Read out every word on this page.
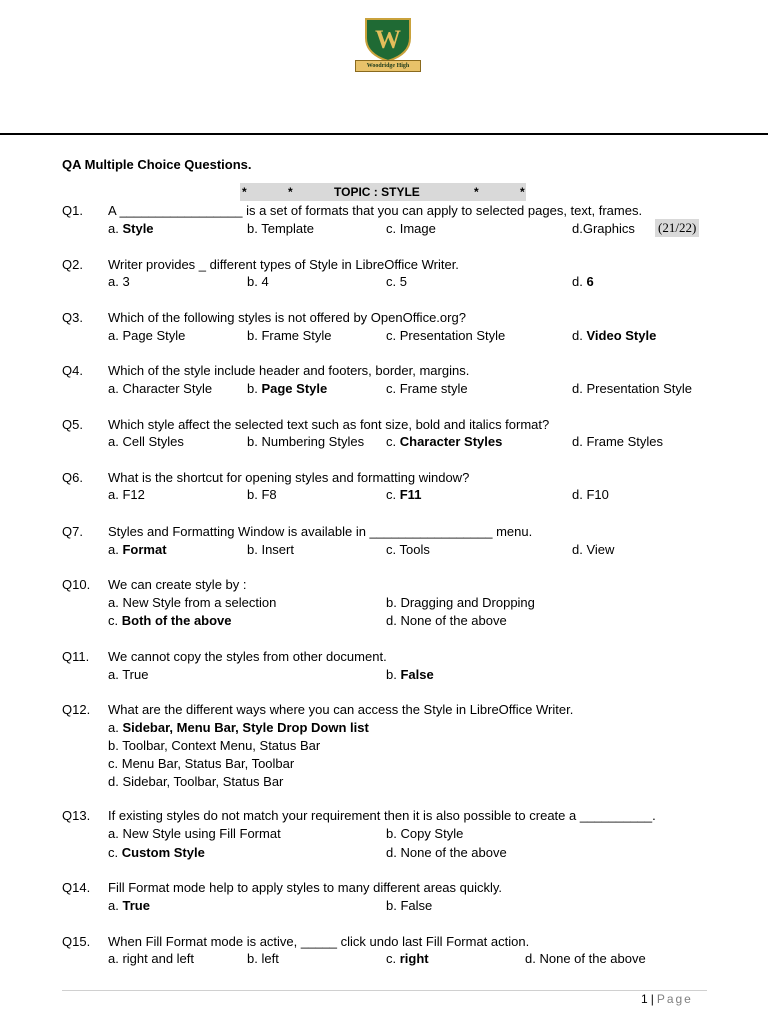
W
Woodridge High
QA Multiple Choice Questions.
*	*	TOPIC : STYLE	*	*
(21/22)
Q1. A _________________ is a set of formats that you can apply to selected pages, text, frames.
a. Style	b. Template	c. Image	d.Graphics
Q2. Writer provides _ different types of Style in LibreOffice Writer.
a. 3	b. 4	c. 5	d. 6
Q3. Which of the following styles is not offered by OpenOffice.org?
a. Page Style	b. Frame Style	c. Presentation Style	d. Video Style
Q4. Which of the style include header and footers, border, margins.
a. Character Style	b. Page Style	c. Frame style	d. Presentation Style
Q5. Which style affect the selected text such as font size, bold and italics format?
a. Cell Styles	b. Numbering Styles c. Character Styles	d. Frame Styles
Q6. What is the shortcut for opening styles and formatting window?
a. F12	b. F8	c. F11	d. F10
Q7. Styles and Formatting Window is available in _________________ menu.
a. Format	b. Insert	c. Tools	d. View
Q10. We can create style by :
a. New Style from a selection	b. Dragging and Dropping
c. Both of the above	d. None of the above
Q11. We cannot copy the styles from other document.
a. True	b. False
Q12. What are the different ways where you can access the Style in LibreOffice Writer.
a. Sidebar, Menu Bar, Style Drop Down list
b. Toolbar, Context Menu, Status Bar
c. Menu Bar, Status Bar, Toolbar
d. Sidebar, Toolbar, Status Bar
Q13. If existing styles do not match your requirement then it is also possible to create a __________.
a. New Style using Fill Format	b. Copy Style
c. Custom Style	d. None of the above
Q14. Fill Format mode help to apply styles to many different areas quickly.
a. True	b. False
Q15. When Fill Format mode is active, _____ click undo last Fill Format action.
a. right and left	b. left	c. right	d. None of the above
1 | Page
